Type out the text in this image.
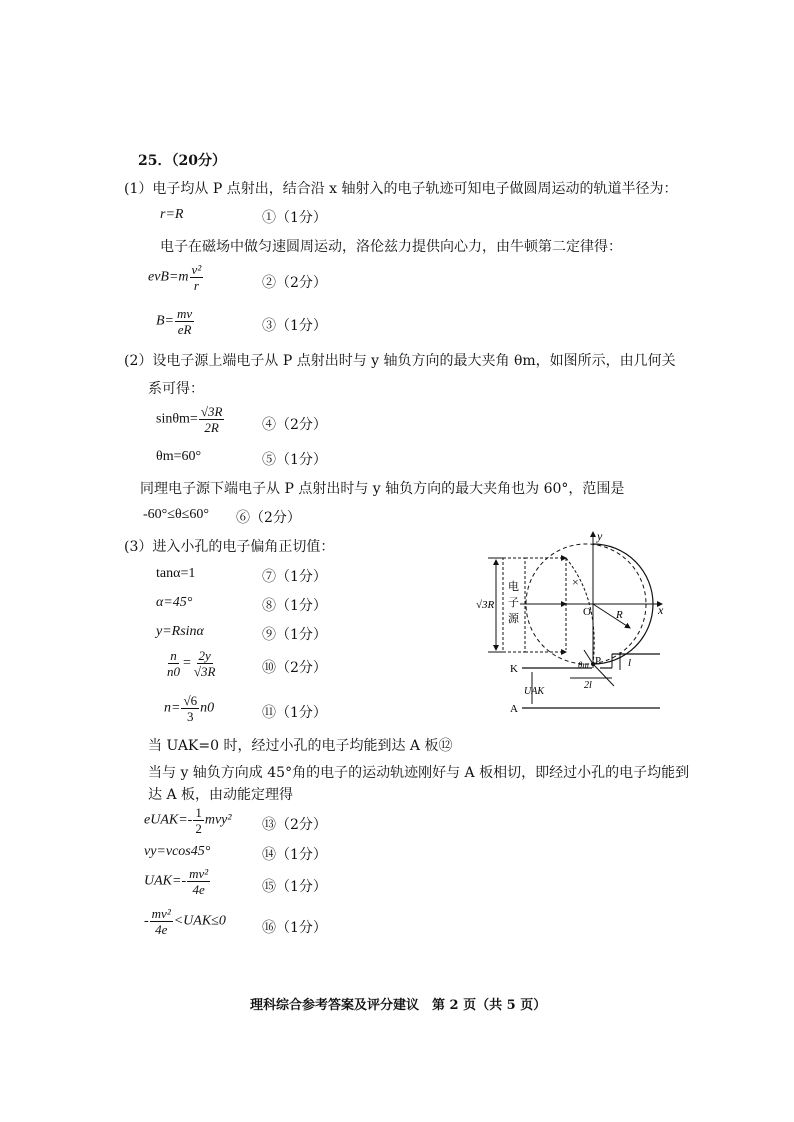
25．（20分）
(1）电子均从 P 点射出，结合沿 x 轴射入的电子轨迹可知电子做圆周运动的轨道半径为：
r=R	①（1分）
电子在磁场中做匀速圆周运动，洛伦兹力提供向心力，由牛顿第二定律得：
$evB=m \frac{\text{v²}}{r}$	②（2分）
$B= \frac{mv}{eR}$	③（1分）
(2）设电子源上端电子从 P 点射出时与 y 轴负方向的最大夹角 θm，如图所示，由几何关
系可得：
$\sin\theta m= \frac{√3R}{2R}$	④（2分）
θm=60°	⑤（1分）
同理电子源下端电子从 P 点射出时与 y 轴负方向的最大夹角也为 60°，范围是
-60°≤θ≤60° ⑥（2分）
(3）进入小孔的电子偏角正切值：
tanα=1	⑦（1分）
α=45°	⑧（1分）
y=Rsinα	⑨（1分）
$\frac{n}{n0} = \frac{2y}{√3R}$	⑩（2分）
$n= \frac{√6}{3} n0$	⑪（1分）
当 UAK=0 时，经过小孔的电子均能到达 A 板⑫
当与 y 轴负方向成 45°角的电子的运动轨迹刚好与 A 板相切，即经过小孔的电子均能到
达 A 板，由动能定理得
eUAK=- $\frac{1}{2} mvy^2$ ⑬（2分）
vy=vcos45°	⑭（1分）
$UAK=- \frac{\text{mv²}}{4e}$	⑮（1分）
- $\frac{\text{mv²}}{4e} <UAK\le 0$	⑯（1分）
x
y
O
电
子
源
√3R
R
×
P
θm
K	l
2l
UAK
A
理科综合参考答案及评分建议　第 2 页（共 5 页）
